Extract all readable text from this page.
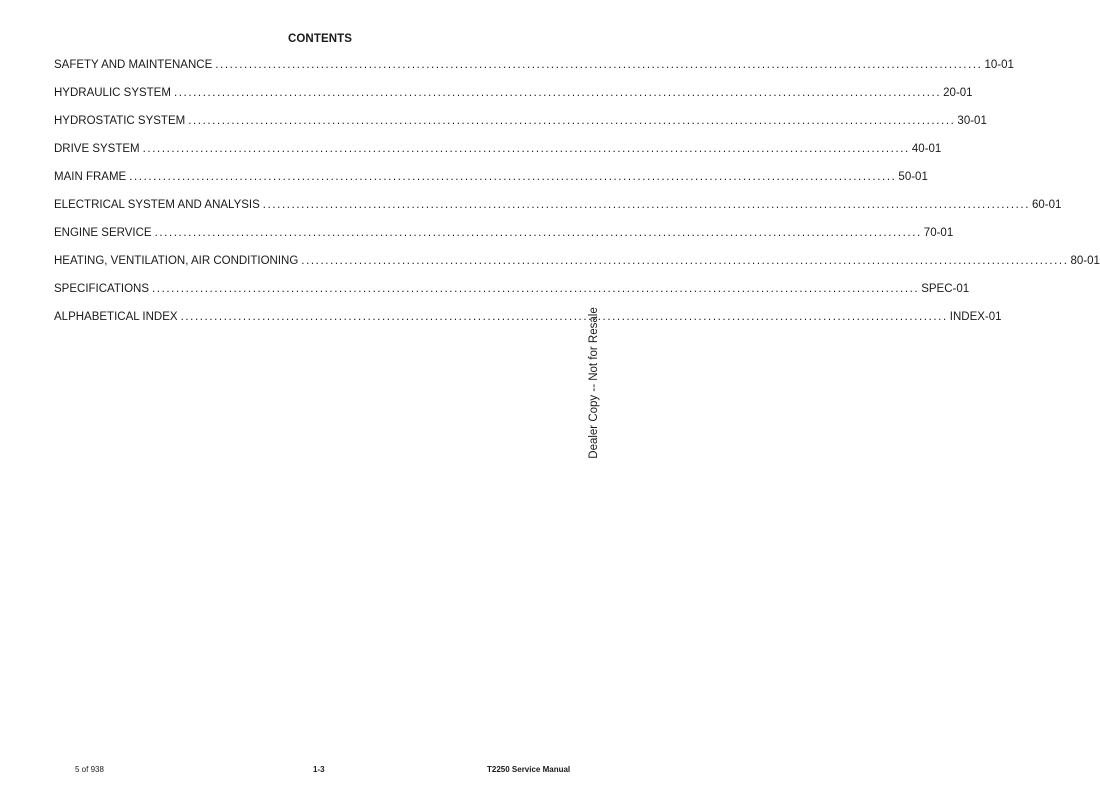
CONTENTS
SAFETY AND MAINTENANCE ................................................................................................................................................................ 10-01
HYDRAULIC SYSTEM ................................................................................................................................................................ 20-01
HYDROSTATIC SYSTEM ................................................................................................................................................................ 30-01
DRIVE SYSTEM ................................................................................................................................................................ 40-01
MAIN FRAME ................................................................................................................................................................ 50-01
ELECTRICAL SYSTEM AND ANALYSIS ................................................................................................................................................................ 60-01
ENGINE SERVICE ................................................................................................................................................................ 70-01
HEATING, VENTILATION, AIR CONDITIONING ................................................................................................................................................................ 80-01
SPECIFICATIONS ................................................................................................................................................................ SPEC-01
ALPHABETICAL INDEX ................................................................................................................................................................ INDEX-01
Dealer Copy -- Not for Resale
5 of 938	1-3	T2250 Service Manual
